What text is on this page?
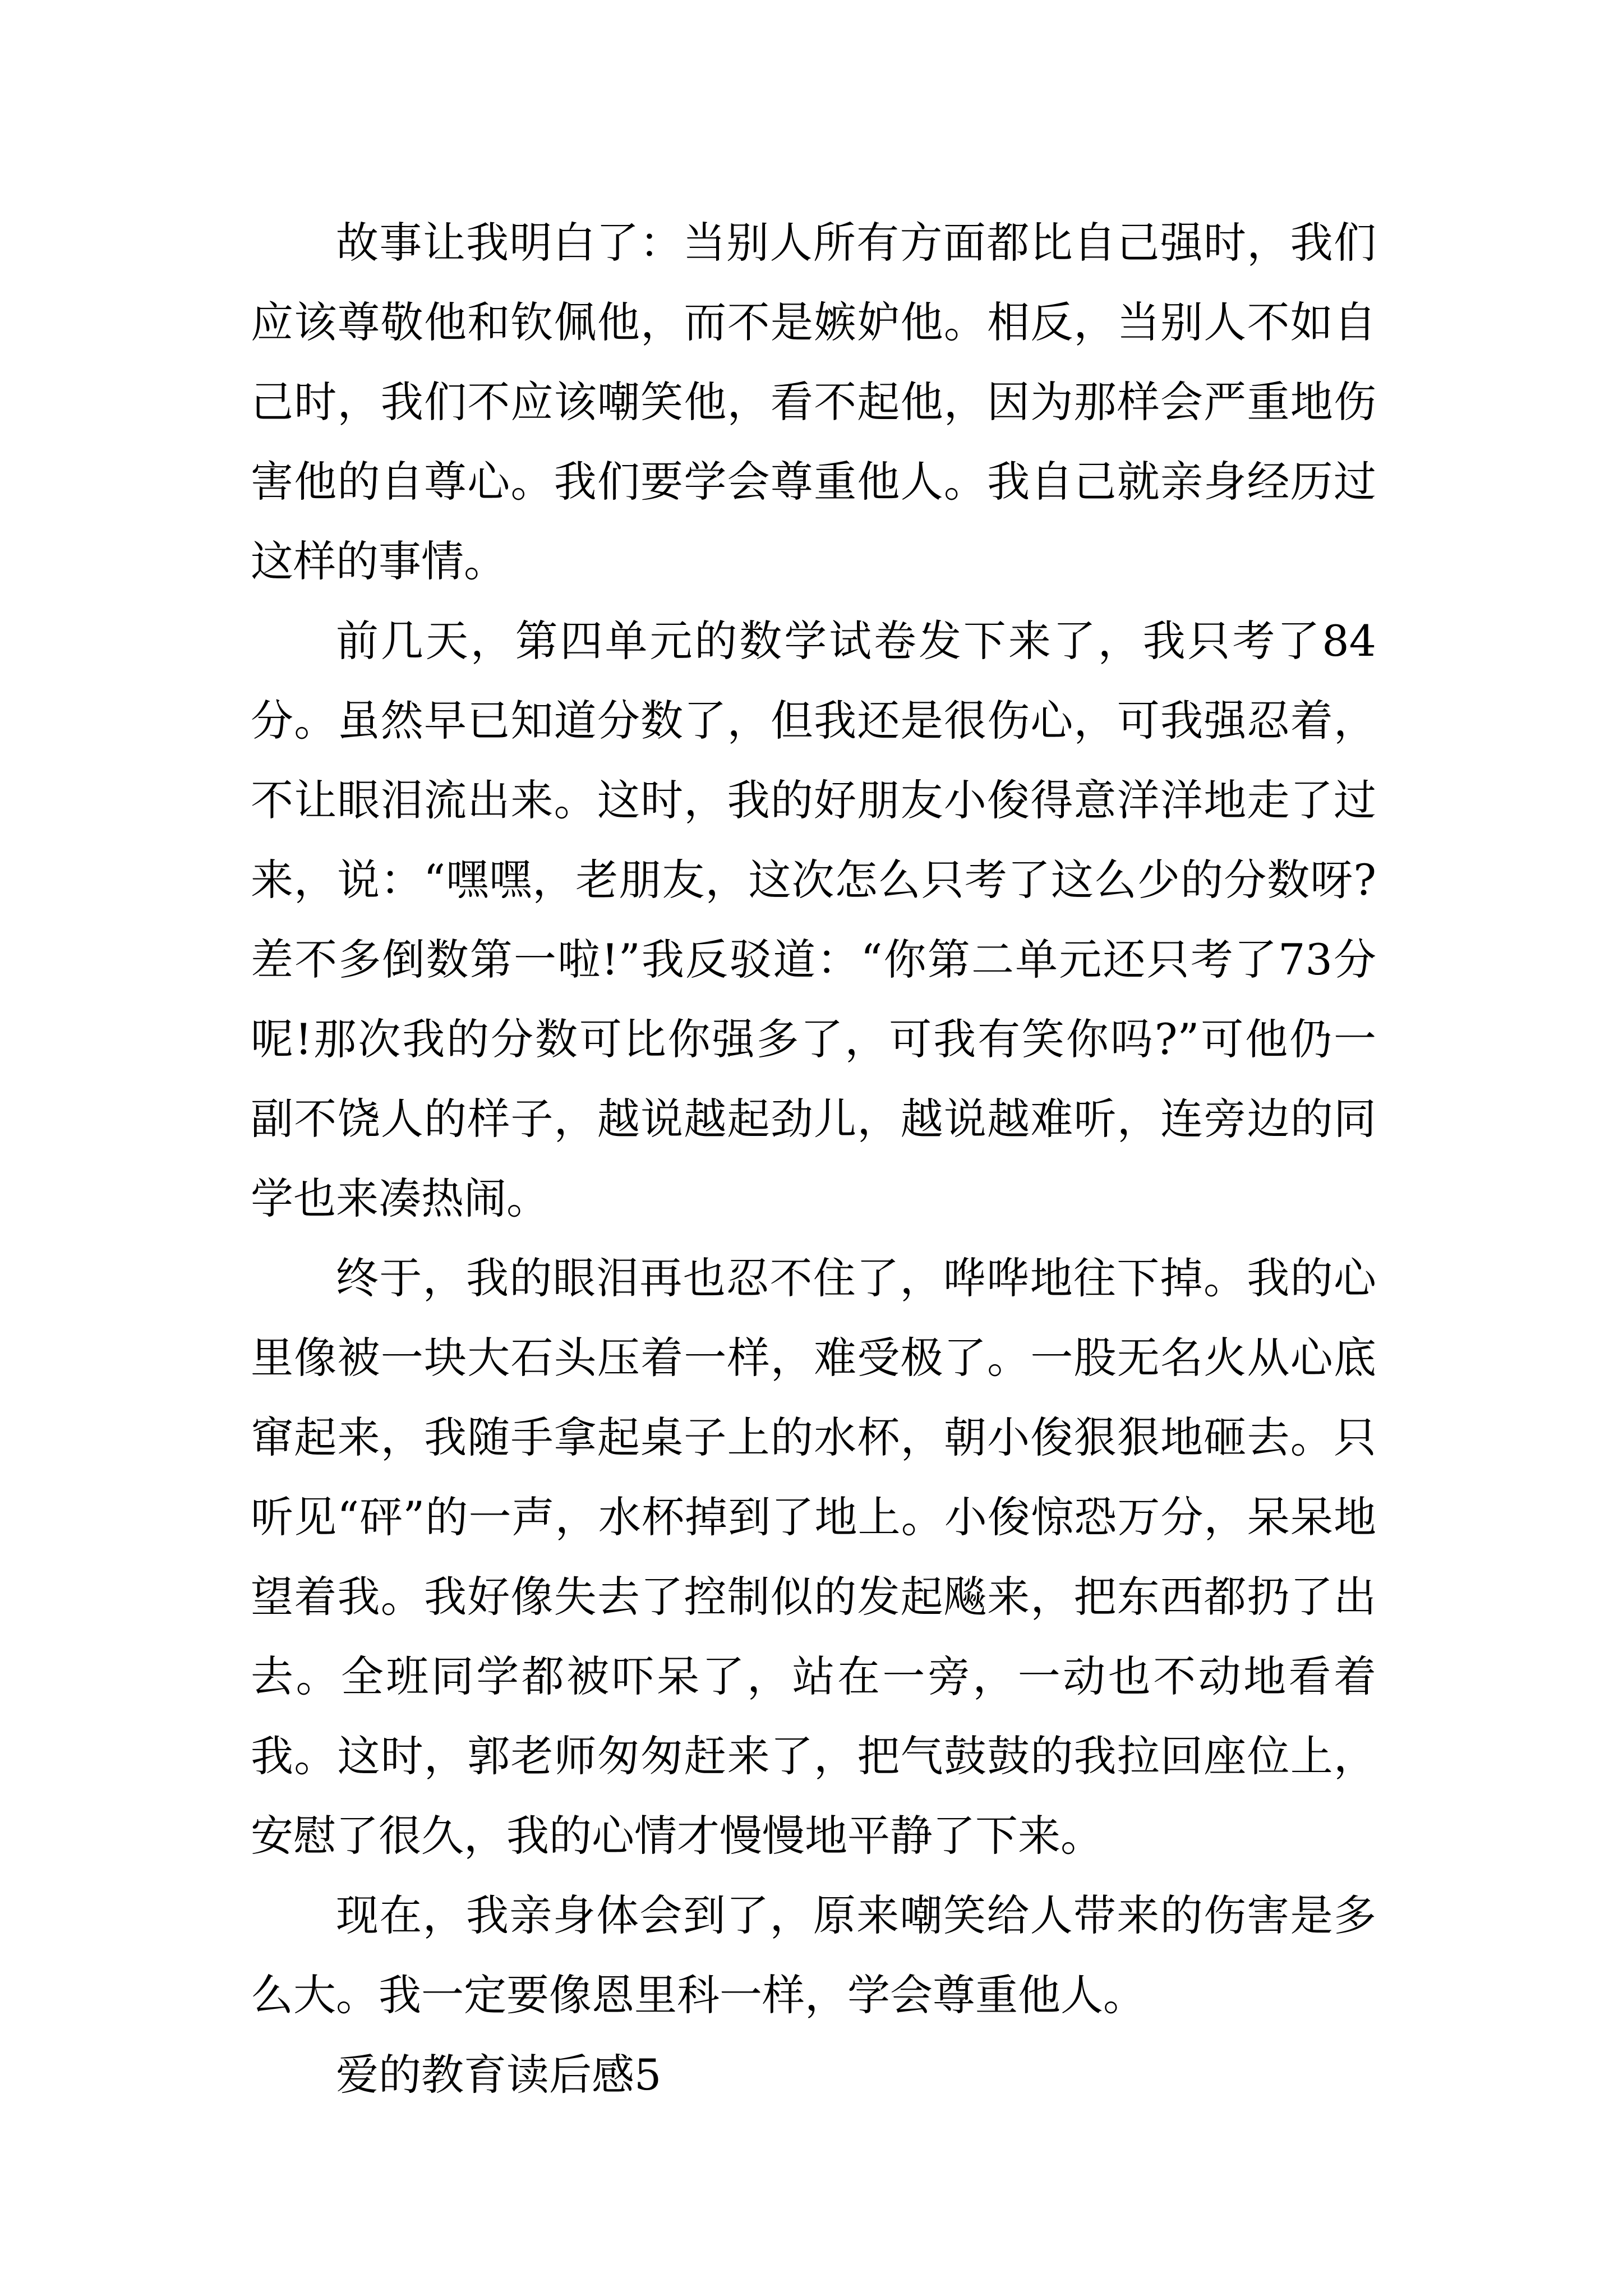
故事让我明白了：当别人所有方面都比自己强时，我们应该尊敬他和钦佩他，而不是嫉妒他。相反，当别人不如自己时，我们不应该嘲笑他，看不起他，因为那样会严重地伤害他的自尊心。我们要学会尊重他人。我自己就亲身经历过这样的事情。

前几天，第四单元的数学试卷发下来了，我只考了84分。虽然早已知道分数了，但我还是很伤心，可我强忍着，不让眼泪流出来。这时，我的好朋友小俊得意洋洋地走了过来，说：“嘿嘿，老朋友，这次怎么只考了这么少的分数呀?差不多倒数第一啦!”我反驳道：“你第二单元还只考了73分呢!那次我的分数可比你强多了，可我有笑你吗?”可他仍一副不饶人的样子，越说越起劲儿，越说越难听，连旁边的同学也来凑热闹。

终于，我的眼泪再也忍不住了，哗哗地往下掉。我的心里像被一块大石头压着一样，难受极了。一股无名火从心底窜起来，我随手拿起桌子上的水杯，朝小俊狠狠地砸去。只听见“砰”的一声，水杯掉到了地上。小俊惊恐万分，呆呆地望着我。我好像失去了控制似的发起飚来，把东西都扔了出去。全班同学都被吓呆了，站在一旁，一动也不动地看着我。这时，郭老师匆匆赶来了，把气鼓鼓的我拉回座位上，安慰了很久，我的心情才慢慢地平静了下来。

现在，我亲身体会到了，原来嘲笑给人带来的伤害是多么大。我一定要像恩里科一样，学会尊重他人。

爱的教育读后感5
